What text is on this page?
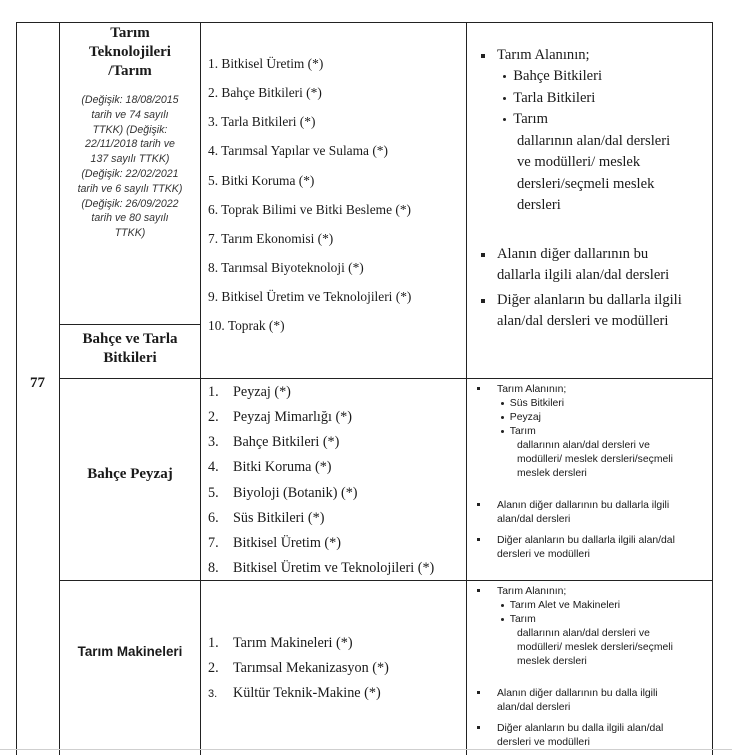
77
Tarım
Teknolojileri
/Tarım
(Değişik: 18/08/2015
tarih ve 74 sayılı
TTKK) (Değişik:
22/11/2018 tarih ve
137 sayılı TTKK)
(Değişik: 22/02/2021
tarih ve 6 sayılı TTKK)
(Değişik: 26/09/2022
tarih ve 80 sayılı
TTKK)
Bahçe ve Tarla
Bitkileri
1. Bitkisel Üretim (*)
2. Bahçe Bitkileri (*)
3. Tarla Bitkileri (*)
4. Tarımsal Yapılar ve Sulama (*)
5. Bitki Koruma (*)
6. Toprak Bilimi ve Bitki Besleme (*)
7. Tarım Ekonomisi (*)
8. Tarımsal Biyoteknoloji (*)
9. Bitkisel Üretim ve Teknolojileri (*)
10. Toprak (*)
Tarım Alanının;
Bahçe Bitkileri
Tarla Bitkileri
Tarım
dallarının alan/dal dersleri
ve modülleri/ meslek
dersleri/seçmeli meslek
dersleri
Alanın diğer dallarının bu
dallarla ilgili alan/dal dersleri
Diğer alanların bu dallarla ilgili
alan/dal dersleri ve modülleri
Bahçe Peyzaj
1. Peyzaj (*)
2. Peyzaj Mimarlığı (*)
3. Bahçe Bitkileri (*)
4. Bitki Koruma (*)
5. Biyoloji (Botanik) (*)
6. Süs Bitkileri (*)
7. Bitkisel Üretim (*)
8. Bitkisel Üretim ve Teknolojileri (*)
Tarım Alanının;
Süs Bitkileri
Peyzaj
Tarım
dallarının alan/dal dersleri ve
modülleri/ meslek dersleri/seçmeli
meslek dersleri
Alanın diğer dallarının bu dallarla ilgili
alan/dal dersleri
Diğer alanların bu dallarla ilgili alan/dal
dersleri ve modülleri
Tarım Makineleri
1. Tarım Makineleri (*)
2. Tarımsal Mekanizasyon (*)
3. Kültür Teknik-Makine (*)
Tarım Alanının;
Tarım Alet ve Makineleri
Tarım
dallarının alan/dal dersleri ve
modülleri/ meslek dersleri/seçmeli
meslek dersleri
Alanın diğer dallarının bu dalla ilgili
alan/dal dersleri
Diğer alanların bu dalla ilgili alan/dal
dersleri ve modülleri
